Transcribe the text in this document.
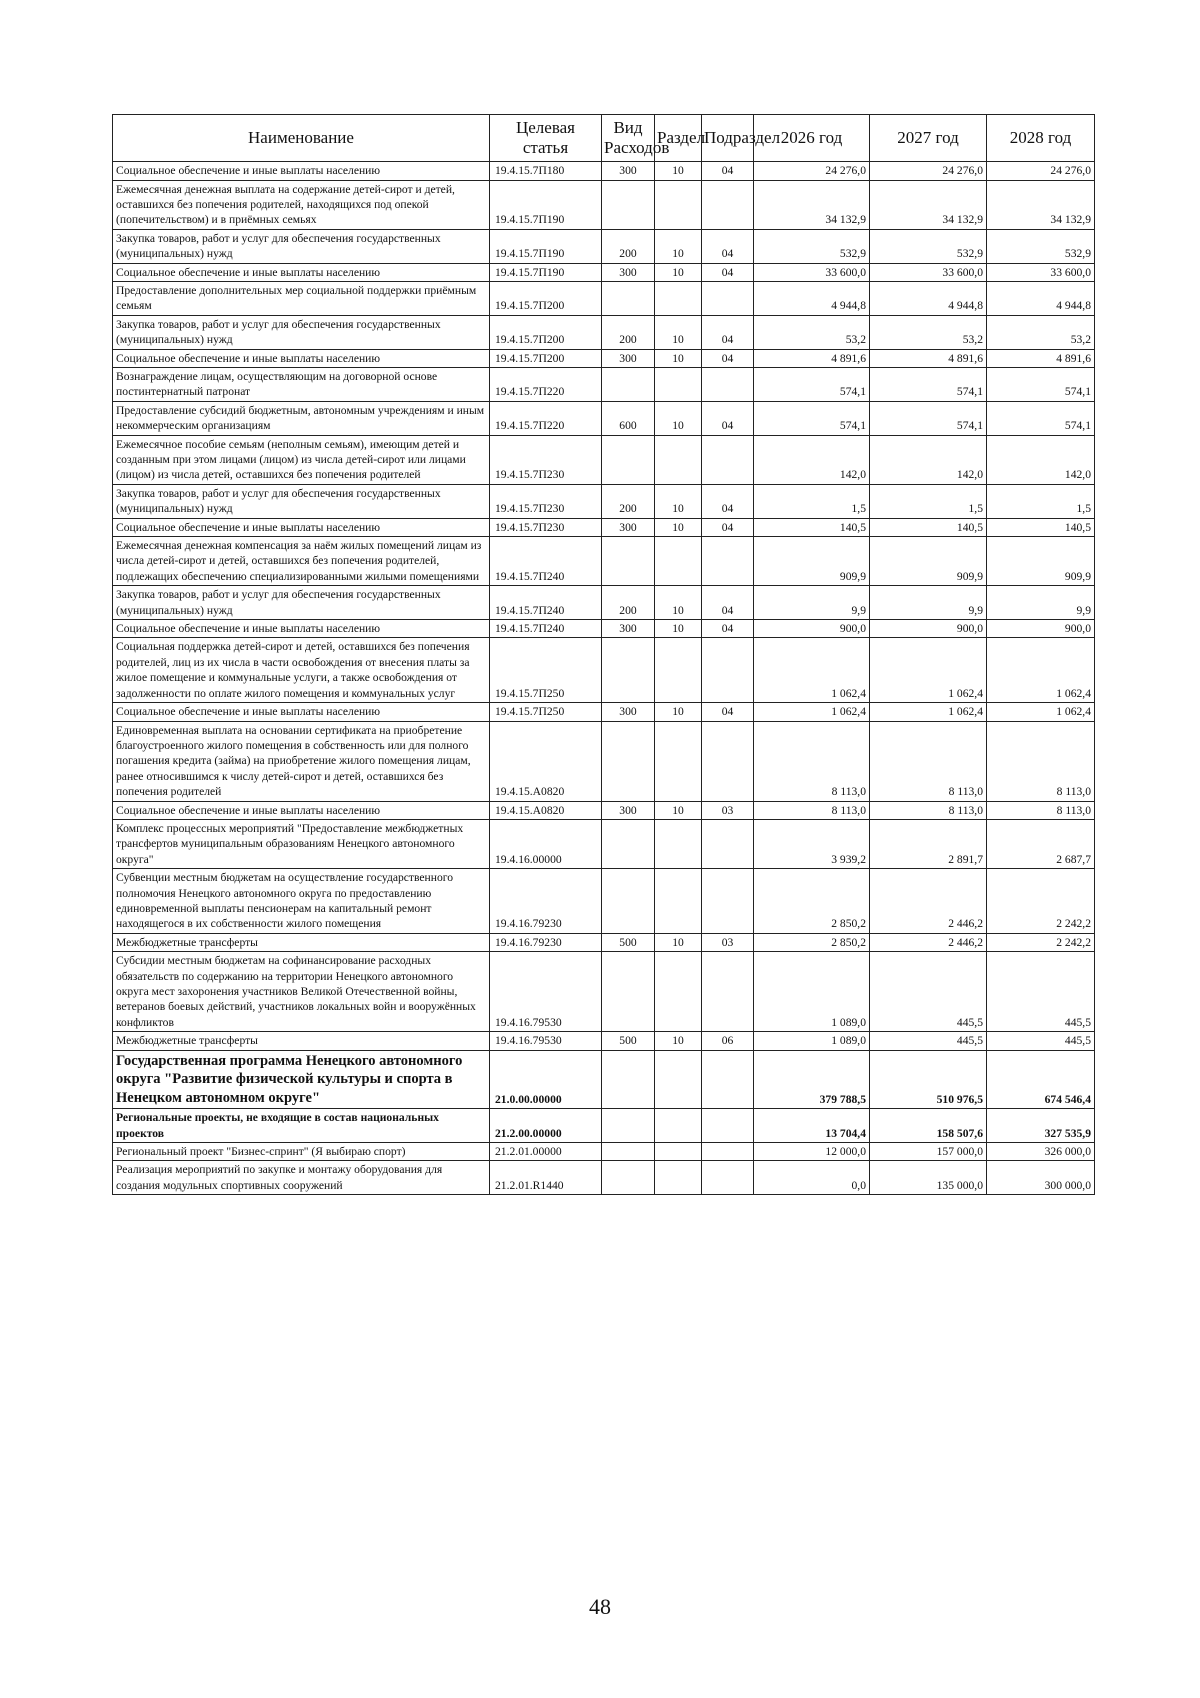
Наименование	Целевая статья	Вид Расходов	Раздел	Подраздел	2026 год	2027 год	2028 год
Социальное обеспечение и иные выплаты населению	19.4.15.7П180	300	10	04	24 276,0	24 276,0	24 276,0
Ежемесячная денежная выплата на содержание детей-сирот и детей, оставшихся без попечения родителей, находящихся под опекой (попечительством) и в приёмных семьях	19.4.15.7П190				34 132,9	34 132,9	34 132,9
Закупка товаров, работ и услуг для обеспечения государственных (муниципальных) нужд	19.4.15.7П190	200	10	04	532,9	532,9	532,9
Социальное обеспечение и иные выплаты населению	19.4.15.7П190	300	10	04	33 600,0	33 600,0	33 600,0
Предоставление дополнительных мер социальной поддержки приёмным семьям	19.4.15.7П200				4 944,8	4 944,8	4 944,8
Закупка товаров, работ и услуг для обеспечения государственных (муниципальных) нужд	19.4.15.7П200	200	10	04	53,2	53,2	53,2
Социальное обеспечение и иные выплаты населению	19.4.15.7П200	300	10	04	4 891,6	4 891,6	4 891,6
Вознаграждение лицам, осуществляющим на договорной основе постинтернатный патронат	19.4.15.7П220				574,1	574,1	574,1
Предоставление субсидий бюджетным, автономным учреждениям и иным некоммерческим организациям	19.4.15.7П220	600	10	04	574,1	574,1	574,1
Ежемесячное пособие семьям (неполным семьям), имеющим детей и созданным при этом лицами (лицом) из числа детей-сирот или лицами (лицом) из числа детей, оставшихся без попечения родителей	19.4.15.7П230				142,0	142,0	142,0
Закупка товаров, работ и услуг для обеспечения государственных (муниципальных) нужд	19.4.15.7П230	200	10	04	1,5	1,5	1,5
Социальное обеспечение и иные выплаты населению	19.4.15.7П230	300	10	04	140,5	140,5	140,5
Ежемесячная денежная компенсация за наём жилых помещений лицам из числа детей-сирот и детей, оставшихся без попечения родителей, подлежащих обеспечению специализированными жилыми помещениями	19.4.15.7П240				909,9	909,9	909,9
Закупка товаров, работ и услуг для обеспечения государственных (муниципальных) нужд	19.4.15.7П240	200	10	04	9,9	9,9	9,9
Социальное обеспечение и иные выплаты населению	19.4.15.7П240	300	10	04	900,0	900,0	900,0
Социальная поддержка детей-сирот и детей, оставшихся без попечения родителей, лиц из их числа в части освобождения от внесения платы за жилое помещение и коммунальные услуги, а также освобождения от задолженности по оплате жилого помещения и коммунальных услуг	19.4.15.7П250				1 062,4	1 062,4	1 062,4
Социальное обеспечение и иные выплаты населению	19.4.15.7П250	300	10	04	1 062,4	1 062,4	1 062,4
Единовременная выплата на основании сертификата на приобретение благоустроенного жилого помещения в собственность или для полного погашения кредита (займа) на приобретение жилого помещения лицам, ранее относившимся к числу детей-сирот и детей, оставшихся без попечения родителей	19.4.15.А0820				8 113,0	8 113,0	8 113,0
Социальное обеспечение и иные выплаты населению	19.4.15.А0820	300	10	03	8 113,0	8 113,0	8 113,0
Комплекс процессных мероприятий "Предоставление межбюджетных трансфертов муниципальным образованиям Ненецкого автономного округа"	19.4.16.00000				3 939,2	2 891,7	2 687,7
Субвенции местным бюджетам на осуществление государственного полномочия Ненецкого автономного округа по предоставлению единовременной выплаты пенсионерам на капитальный ремонт находящегося в их собственности жилого помещения	19.4.16.79230				2 850,2	2 446,2	2 242,2
Межбюджетные трансферты	19.4.16.79230	500	10	03	2 850,2	2 446,2	2 242,2
Субсидии местным бюджетам на софинансирование расходных обязательств по содержанию на территории Ненецкого автономного округа мест захоронения участников Великой Отечественной войны, ветеранов боевых действий, участников локальных войн и вооружённых конфликтов	19.4.16.79530				1 089,0	445,5	445,5
Межбюджетные трансферты	19.4.16.79530	500	10	06	1 089,0	445,5	445,5
Государственная программа Ненецкого автономного округа "Развитие физической культуры и спорта в Ненецком автономном округе"	21.0.00.00000				379 788,5	510 976,5	674 546,4
Региональные проекты, не входящие в состав национальных проектов	21.2.00.00000				13 704,4	158 507,6	327 535,9
Региональный проект "Бизнес-спринт" (Я выбираю спорт)	21.2.01.00000				12 000,0	157 000,0	326 000,0
Реализация мероприятий по закупке и монтажу оборудования для создания модульных спортивных сооружений	21.2.01.R1440				0,0	135 000,0	300 000,0
48
